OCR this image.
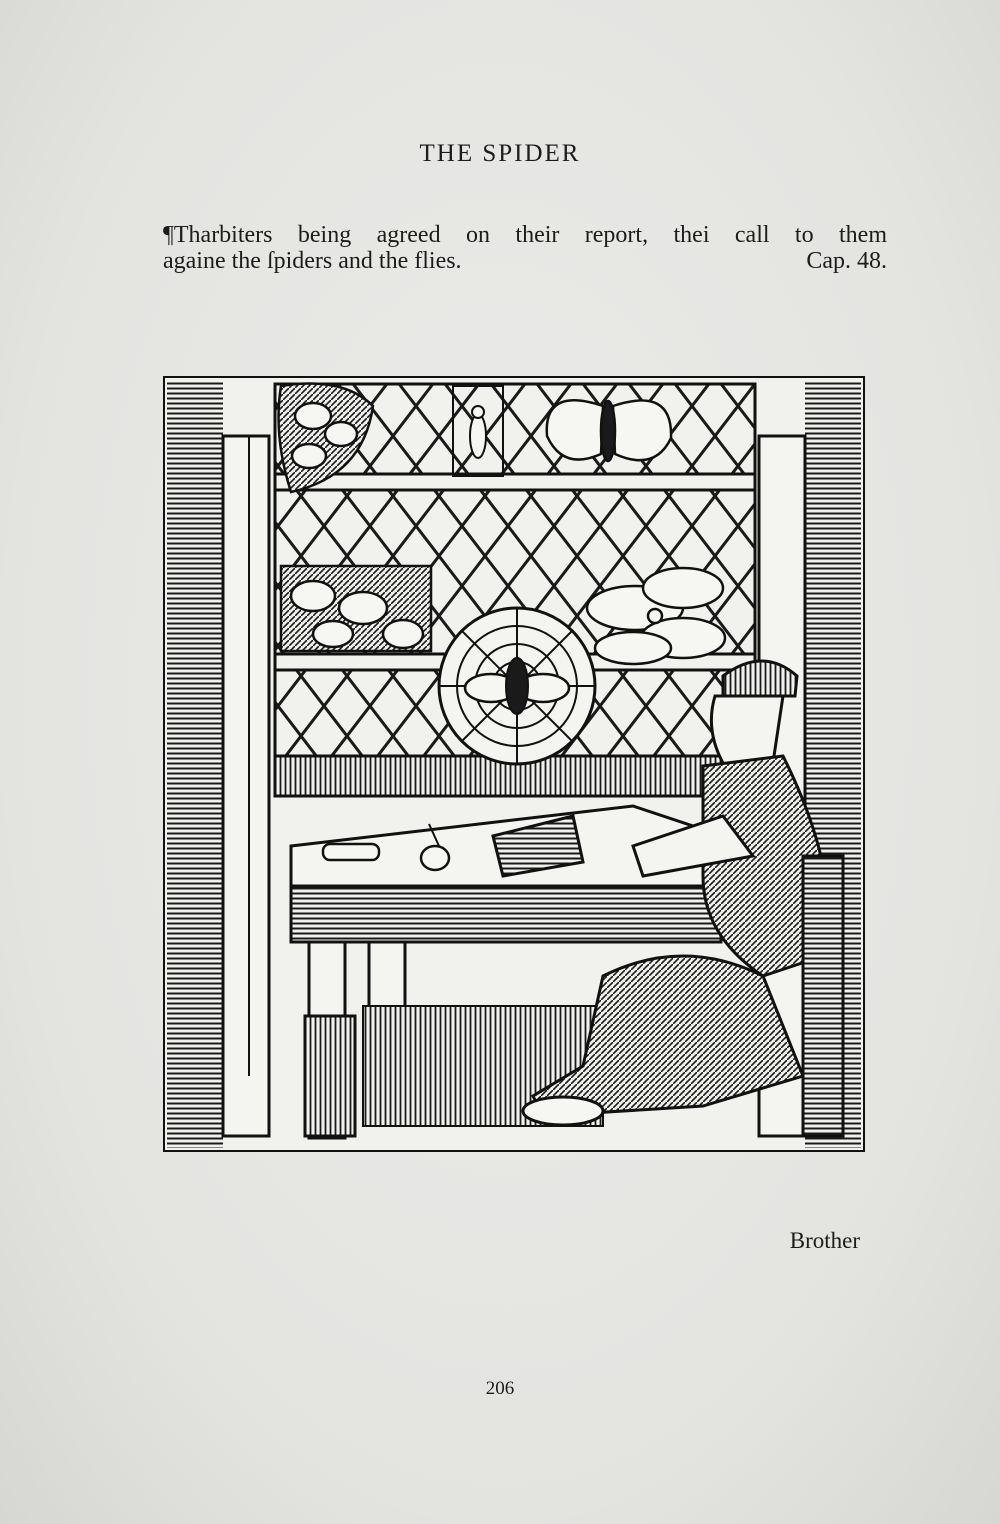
THE SPIDER
¶Tharbiters being agreed on their report, thei call to them
againe the ſpiders and the flies.	Cap. 48.
Brother
206
